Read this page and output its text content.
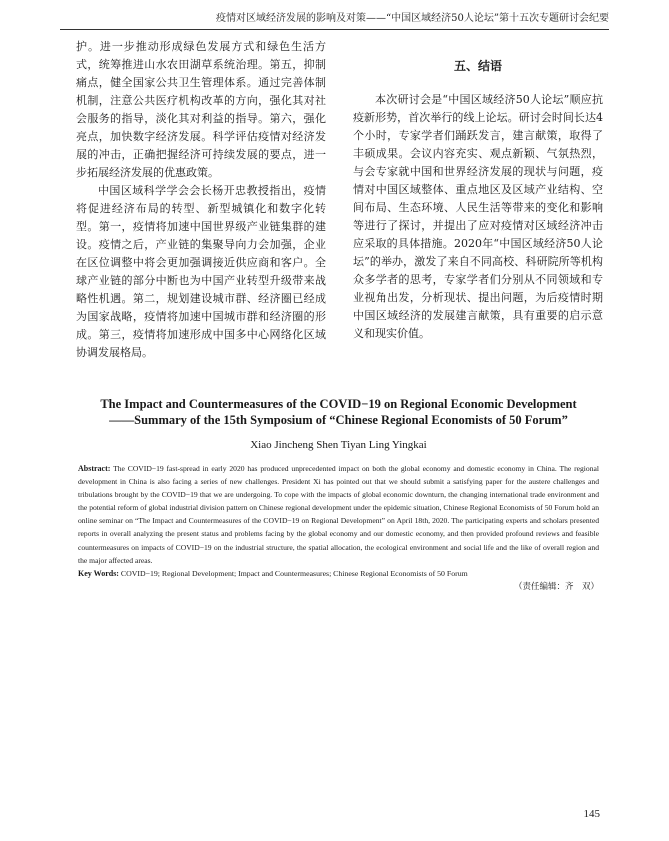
疫情对区域经济发展的影响及对策——“中国区域经济50人论坛”第十五次专题研讨会纪要

护。进一步推动形成绿色发展方式和绿色生活方式，统筹推进山水农田湖草系统治理。第五，抑制痛点，健全国家公共卫生管理体系。通过完善体制机制，注意公共医疗机构改革的方向，强化其对社会服务的指导，淡化其对利益的指导。第六，强化亮点，加快数字经济发展。科学评估疫情对经济发展的冲击，正确把握经济可持续发展的要点，进一步拓展经济发展的优惠政策。

中国区域科学学会会长杨开忠教授指出，疫情将促进经济布局的转型、新型城镇化和数字化转型。第一，疫情将加速中国世界级产业链集群的建设。疫情之后，产业链的集聚导向力会加强，企业在区位调整中将会更加强调接近供应商和客户。全球产业链的部分中断也为中国产业转型升级带来战略性机遇。第二，规划建设城市群、经济圈已经成为国家战略，疫情将加速中国城市群和经济圈的形成。第三，疫情将加速形成中国多中心网络化区域协调发展格局。

五、结语

本次研讨会是“中国区域经济50人论坛”顺应抗疫新形势，首次举行的线上论坛。研讨会时间长达4个小时，专家学者们踊跃发言，建言献策，取得了丰硕成果。会议内容充实、观点新颖、气氛热烈，与会专家就中国和世界经济发展的现状与问题，疫情对中国区域整体、重点地区及区域产业结构、空间布局、生态环境、人民生活等带来的变化和影响等进行了探讨，并提出了应对疫情对区域经济冲击应采取的具体措施。2020年“中国区域经济50人论坛”的举办，激发了来自不同高校、科研院所等机构众多学者的思考，专家学者们分别从不同领域和专业视角出发，分析现状、提出问题，为后疫情时期中国区域经济的发展建言献策，具有重要的启示意义和现实价值。

The Impact and Countermeasures of the COVID−19 on Regional Economic Development

——Summary of the 15th Symposium of “Chinese Regional Economists of 50 Forum”

Xiao Jincheng Shen Tiyan Ling Yingkai

Abstract: The COVID−19 fast-spread in early 2020 has produced unprecedented impact on both the global economy and domestic economy in China. The regional development in China is also facing a series of new challenges. President Xi has pointed out that we should submit a satisfying paper for the austere challenges and tribulations brought by the COVID−19 that we are undergoing. To cope with the impacts of global economic downturn, the changing international trade environment and the potential reform of global industrial division pattern on Chinese regional development under the epidemic situation, Chinese Regional Economists of 50 Forum hold an online seminar on “The Impact and Countermeasures of the COVID−19 on Regional Development” on April 18th, 2020. The participating experts and scholars presented reports in overall analyzing the present status and problems facing by the global economy and our domestic economy, and then provided profound reviews and feasible countermeasures on impacts of COVID−19 on the industrial structure, the spatial allocation, the ecological environment and social life and the like of overall region and the major affected areas.

Key Words: COVID−19; Regional Development; Impact and Countermeasures; Chinese Regional Economists of 50 Forum

（责任编辑：齐　双）

145
